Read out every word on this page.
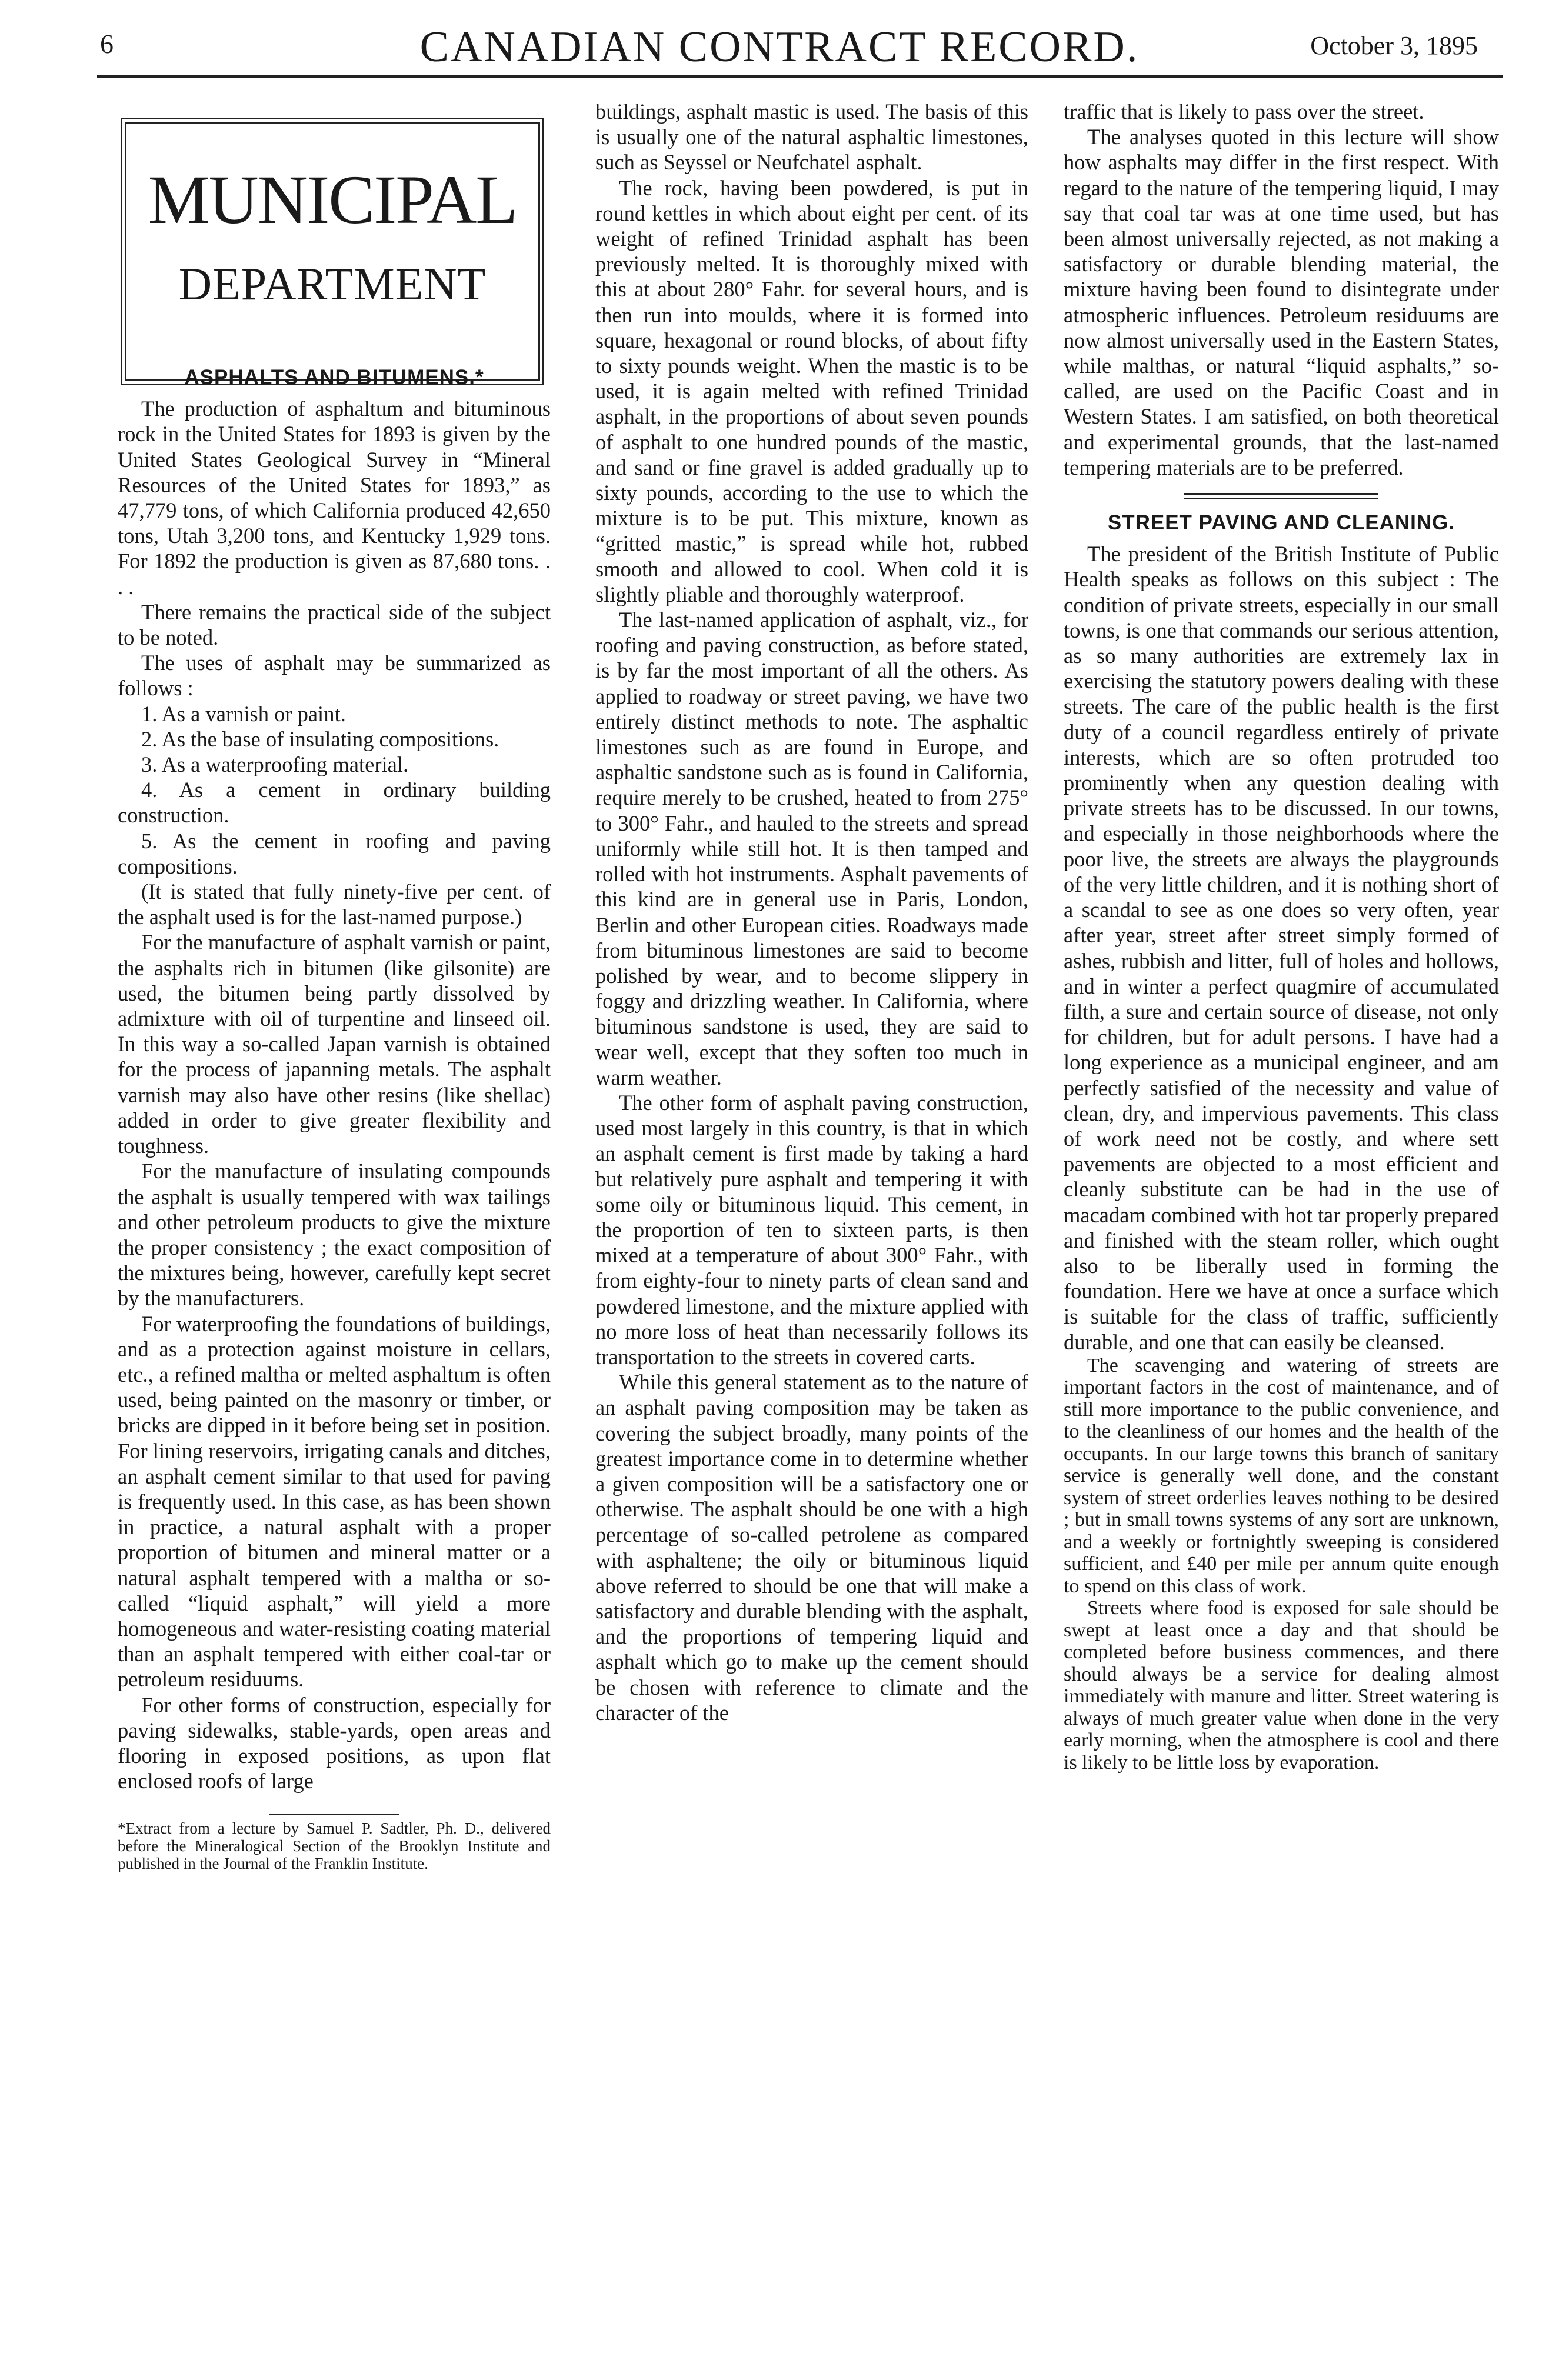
6	CANADIAN CONTRACT RECORD.	October 3, 1895
MUNICIPAL
DEPARTMENT

ASPHALTS AND BITUMENS.*

The production of asphaltum and bituminous rock in the United States for 1893 is given by the United States Geological Survey in “Mineral Resources of the United States for 1893,” as 47,779 tons, of which California produced 42,650 tons, Utah 3,200 tons, and Kentucky 1,929 tons. For 1892 the production is given as 87,680 tons. . . .

There remains the practical side of the subject to be noted.

The uses of asphalt may be summarized as follows :

1. As a varnish or paint.

2. As the base of insulating compositions.

3. As a waterproofing material.

4. As a cement in ordinary building construction.

5. As the cement in roofing and paving compositions.

(It is stated that fully ninety-five per cent. of the asphalt used is for the last-named purpose.)

For the manufacture of asphalt varnish or paint, the asphalts rich in bitumen (like gilsonite) are used, the bitumen being partly dissolved by admixture with oil of turpentine and linseed oil. In this way a so-called Japan varnish is obtained for the process of japanning metals. The asphalt varnish may also have other resins (like shellac) added in order to give greater flexibility and toughness.

For the manufacture of insulating compounds the asphalt is usually tempered with wax tailings and other petroleum products to give the mixture the proper consistency ; the exact composition of the mixtures being, however, carefully kept secret by the manufacturers.

For waterproofing the foundations of buildings, and as a protection against moisture in cellars, etc., a refined maltha or melted asphaltum is often used, being painted on the masonry or timber, or bricks are dipped in it before being set in position. For lining reservoirs, irrigating canals and ditches, an asphalt cement similar to that used for paving is frequently used. In this case, as has been shown in practice, a natural asphalt with a proper proportion of bitumen and mineral matter or a natural asphalt tempered with a maltha or so-called “liquid asphalt,” will yield a more homogeneous and water-resisting coating material than an asphalt tempered with either coal-tar or petroleum residuums.

For other forms of construction, especially for paving sidewalks, stable-yards, open areas and flooring in exposed positions, as upon flat enclosed roofs of large

*Extract from a lecture by Samuel P. Sadtler, Ph. D., delivered before the Mineralogical Section of the Brooklyn Institute and published in the Journal of the Franklin Institute.

buildings, asphalt mastic is used. The basis of this is usually one of the natural asphaltic limestones, such as Seyssel or Neufchatel asphalt.

The rock, having been powdered, is put in round kettles in which about eight per cent. of its weight of refined Trinidad asphalt has been previously melted. It is thoroughly mixed with this at about 280° Fahr. for several hours, and is then run into moulds, where it is formed into square, hexagonal or round blocks, of about fifty to sixty pounds weight. When the mastic is to be used, it is again melted with refined Trinidad asphalt, in the proportions of about seven pounds of asphalt to one hundred pounds of the mastic, and sand or fine gravel is added gradually up to sixty pounds, according to the use to which the mixture is to be put. This mixture, known as “gritted mastic,” is spread while hot, rubbed smooth and allowed to cool. When cold it is slightly pliable and thoroughly waterproof.

The last-named application of asphalt, viz., for roofing and paving construction, as before stated, is by far the most important of all the others. As applied to roadway or street paving, we have two entirely distinct methods to note. The asphaltic limestones such as are found in Europe, and asphaltic sandstone such as is found in California, require merely to be crushed, heated to from 275° to 300° Fahr., and hauled to the streets and spread uniformly while still hot. It is then tamped and rolled with hot instruments. Asphalt pavements of this kind are in general use in Paris, London, Berlin and other European cities. Roadways made from bituminous limestones are said to become polished by wear, and to become slippery in foggy and drizzling weather. In California, where bituminous sandstone is used, they are said to wear well, except that they soften too much in warm weather.

The other form of asphalt paving construction, used most largely in this country, is that in which an asphalt cement is first made by taking a hard but relatively pure asphalt and tempering it with some oily or bituminous liquid. This cement, in the proportion of ten to sixteen parts, is then mixed at a temperature of about 300° Fahr., with from eighty-four to ninety parts of clean sand and powdered limestone, and the mixture applied with no more loss of heat than necessarily follows its transportation to the streets in covered carts.

While this general statement as to the nature of an asphalt paving composition may be taken as covering the subject broadly, many points of the greatest importance come in to determine whether a given composition will be a satisfactory one or otherwise. The asphalt should be one with a high percentage of so-called petrolene as compared with asphaltene; the oily or bituminous liquid above referred to should be one that will make a satisfactory and durable blending with the asphalt, and the proportions of tempering liquid and asphalt which go to make up the cement should be chosen with reference to climate and the character of the

traffic that is likely to pass over the street.

The analyses quoted in this lecture will show how asphalts may differ in the first respect. With regard to the nature of the tempering liquid, I may say that coal tar was at one time used, but has been almost universally rejected, as not making a satisfactory or durable blending material, the mixture having been found to disintegrate under atmospheric influences. Petroleum residuums are now almost universally used in the Eastern States, while malthas, or natural “liquid asphalts,” so-called, are used on the Pacific Coast and in Western States. I am satisfied, on both theoretical and experimental grounds, that the last-named tempering materials are to be preferred.

STREET PAVING AND CLEANING.

The president of the British Institute of Public Health speaks as follows on this subject : The condition of private streets, especially in our small towns, is one that commands our serious attention, as so many authorities are extremely lax in exercising the statutory powers dealing with these streets. The care of the public health is the first duty of a council regardless entirely of private interests, which are so often protruded too prominently when any question dealing with private streets has to be discussed. In our towns, and especially in those neighborhoods where the poor live, the streets are always the playgrounds of the very little children, and it is nothing short of a scandal to see as one does so very often, year after year, street after street simply formed of ashes, rubbish and litter, full of holes and hollows, and in winter a perfect quagmire of accumulated filth, a sure and certain source of disease, not only for children, but for adult persons. I have had a long experience as a municipal engineer, and am perfectly satisfied of the necessity and value of clean, dry, and impervious pavements. This class of work need not be costly, and where sett pavements are objected to a most efficient and cleanly substitute can be had in the use of macadam combined with hot tar properly prepared and finished with the steam roller, which ought also to be liberally used in forming the foundation. Here we have at once a surface which is suitable for the class of traffic, sufficiently durable, and one that can easily be cleansed.

The scavenging and watering of streets are important factors in the cost of maintenance, and of still more importance to the public convenience, and to the cleanliness of our homes and the health of the occupants. In our large towns this branch of sanitary service is generally well done, and the constant system of street orderlies leaves nothing to be desired ; but in small towns systems of any sort are unknown, and a weekly or fortnightly sweeping is considered sufficient, and £40 per mile per annum quite enough to spend on this class of work.

Streets where food is exposed for sale should be swept at least once a day and that should be completed before business commences, and there should always be a service for dealing almost immediately with manure and litter. Street watering is always of much greater value when done in the very early morning, when the atmosphere is cool and there is likely to be little loss by evaporation.
